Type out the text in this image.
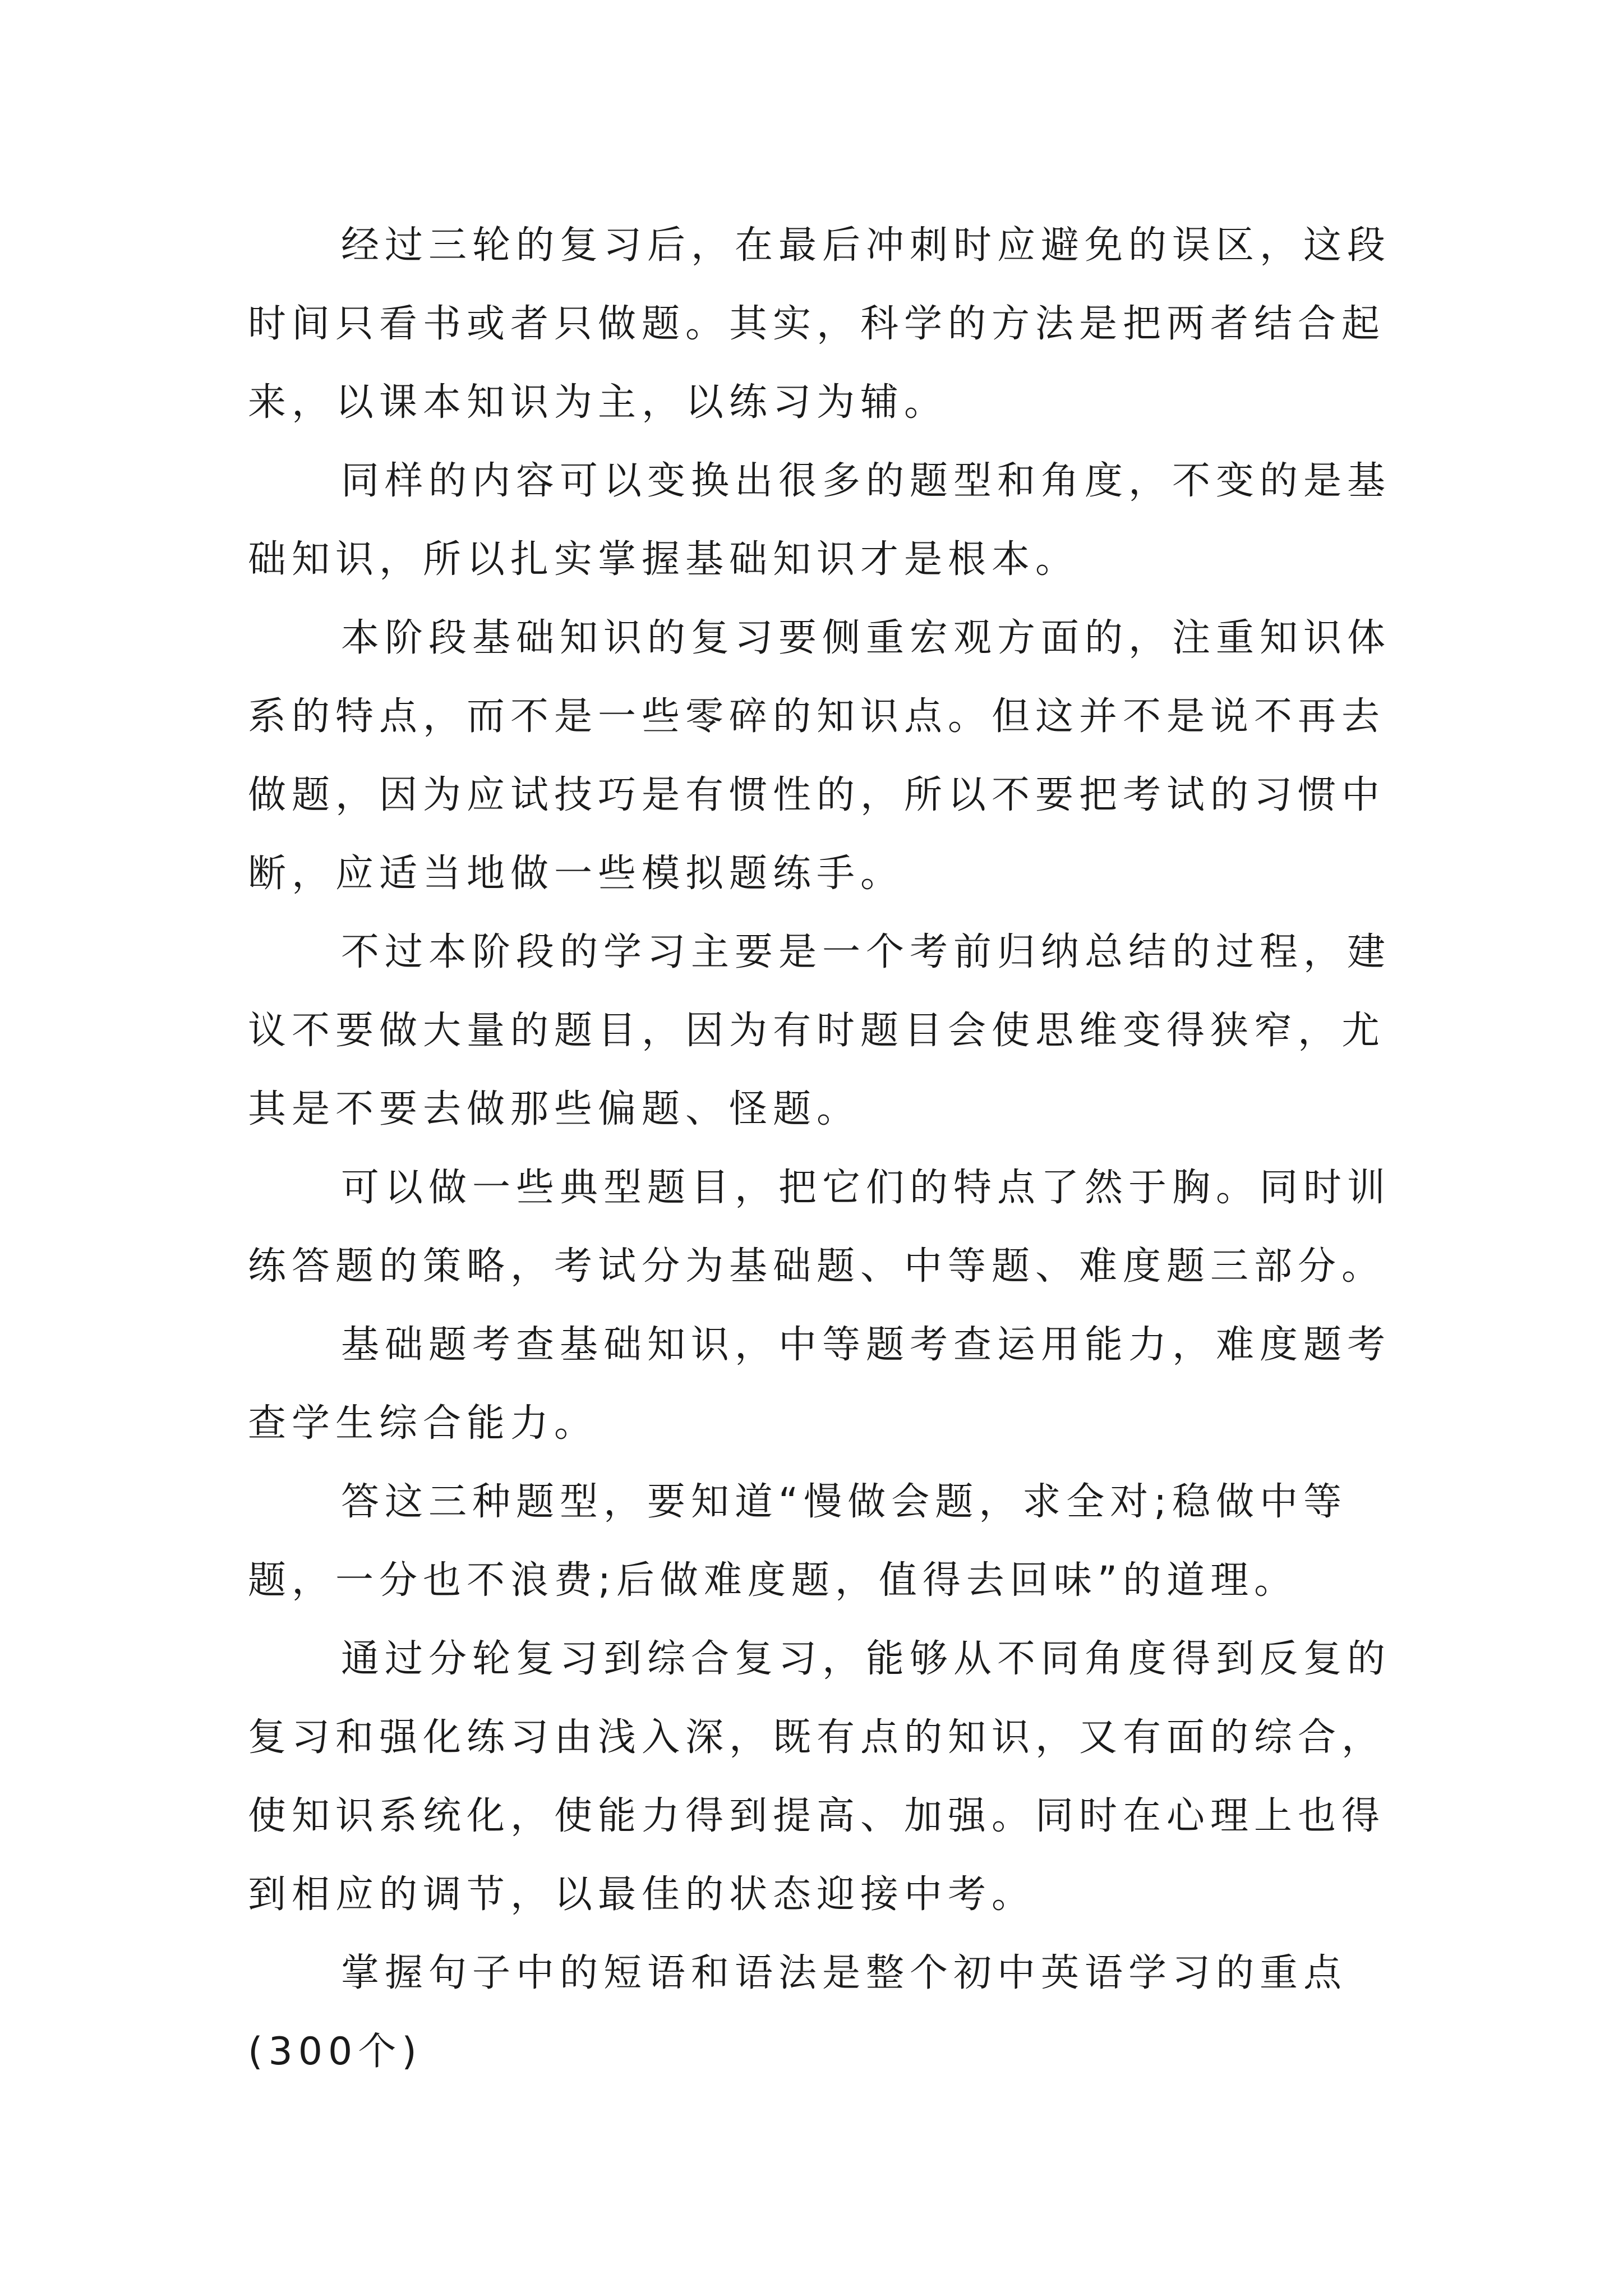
经过三轮的复习后，在最后冲刺时应避免的误区，这段
时间只看书或者只做题。其实，科学的方法是把两者结合起
来，以课本知识为主，以练习为辅。
同样的内容可以变换出很多的题型和角度，不变的是基
础知识，所以扎实掌握基础知识才是根本。
本阶段基础知识的复习要侧重宏观方面的，注重知识体
系的特点，而不是一些零碎的知识点。但这并不是说不再去
做题，因为应试技巧是有惯性的，所以不要把考试的习惯中
断，应适当地做一些模拟题练手。
不过本阶段的学习主要是一个考前归纳总结的过程，建
议不要做大量的题目，因为有时题目会使思维变得狭窄，尤
其是不要去做那些偏题、怪题。
可以做一些典型题目，把它们的特点了然于胸。同时训
练答题的策略，考试分为基础题、中等题、难度题三部分。
基础题考查基础知识，中等题考查运用能力，难度题考
查学生综合能力。
答这三种题型，要知道“慢做会题，求全对;稳做中等
题，一分也不浪费;后做难度题，值得去回味”的道理。
通过分轮复习到综合复习，能够从不同角度得到反复的
复习和强化练习由浅入深，既有点的知识，又有面的综合，
使知识系统化，使能力得到提高、加强。同时在心理上也得
到相应的调节，以最佳的状态迎接中考。
掌握句子中的短语和语法是整个初中英语学习的重点
(300个)
